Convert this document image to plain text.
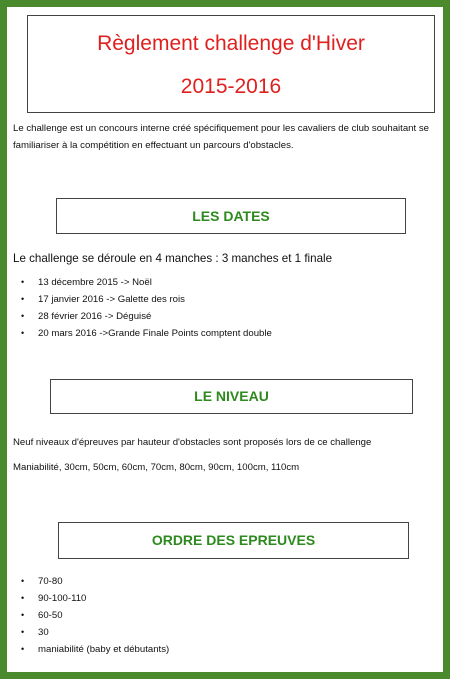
Règlement challenge d'Hiver
2015-2016
Le challenge est un concours interne créé spécifiquement pour les cavaliers de club souhaitant se familiariser à la compétition en effectuant un parcours d'obstacles.
LES DATES
Le challenge se déroule en 4 manches : 3 manches et 1 finale
• 13 décembre 2015 -> Noël
• 17 janvier 2016 -> Galette des rois
• 28 février 2016 -> Déguisé
• 20 mars 2016 ->Grande Finale Points comptent double
LE NIVEAU
Neuf niveaux d'épreuves par hauteur d'obstacles sont proposés lors de ce challenge
Maniabilité, 30cm, 50cm, 60cm, 70cm, 80cm, 90cm, 100cm, 110cm
ORDRE DES EPREUVES
• 70-80
• 90-100-110
• 60-50
• 30
• maniabilité (baby et débutants)
